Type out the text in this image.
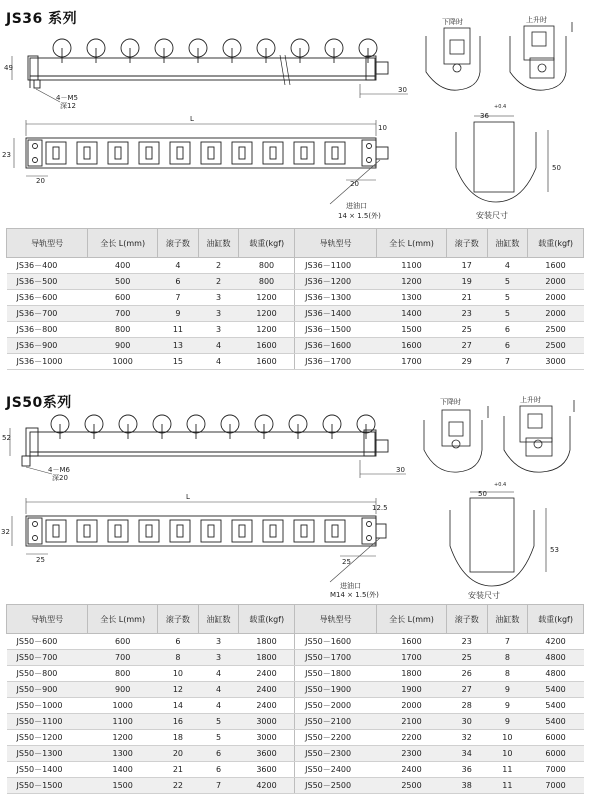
JS36 系列
49
4－M5
深12
30
L
10
23
20	20
进油口
14 × 1.5(外)
下降时	上升时
36
+0.4
50
安装尺寸
导轨型号	全长 L(mm)	滚子数	油缸数	载重(kgf)	导轨型号	全长 L(mm)	滚子数	油缸数	载重(kgf)
JS36－400	400	4	2	800	JS36－1100	1100	17	4	1600
JS36－500	500	6	2	800	JS36－1200	1200	19	5	2000
JS36－600	600	7	3	1200	JS36－1300	1300	21	5	2000
JS36－700	700	9	3	1200	JS36－1400	1400	23	5	2000
JS36－800	800	11	3	1200	JS36－1500	1500	25	6	2500
JS36－900	900	13	4	1600	JS36－1600	1600	27	6	2500
JS36－1000	1000	15	4	1600	JS36－1700	1700	29	7	3000
JS50系列
52
4－M6
深20
30
L
12.5
32
25	25
进油口
M14 × 1.5(外)
下降时	上升时
50
+0.4
53
安装尺寸
导轨型号	全长 L(mm)	滚子数	油缸数	载重(kgf)	导轨型号	全长 L(mm)	滚子数	油缸数	载重(kgf)
JS50－600	600	6	3	1800	JS50－1600	1600	23	7	4200
JS50－700	700	8	3	1800	JS50－1700	1700	25	8	4800
JS50－800	800	10	4	2400	JS50－1800	1800	26	8	4800
JS50－900	900	12	4	2400	JS50－1900	1900	27	9	5400
JS50－1000	1000	14	4	2400	JS50－2000	2000	28	9	5400
JS50－1100	1100	16	5	3000	JS50－2100	2100	30	9	5400
JS50－1200	1200	18	5	3000	JS50－2200	2200	32	10	6000
JS50－1300	1300	20	6	3600	JS50－2300	2300	34	10	6000
JS50－1400	1400	21	6	3600	JS50－2400	2400	36	11	7000
JS50－1500	1500	22	7	4200	JS50－2500	2500	38	11	7000
